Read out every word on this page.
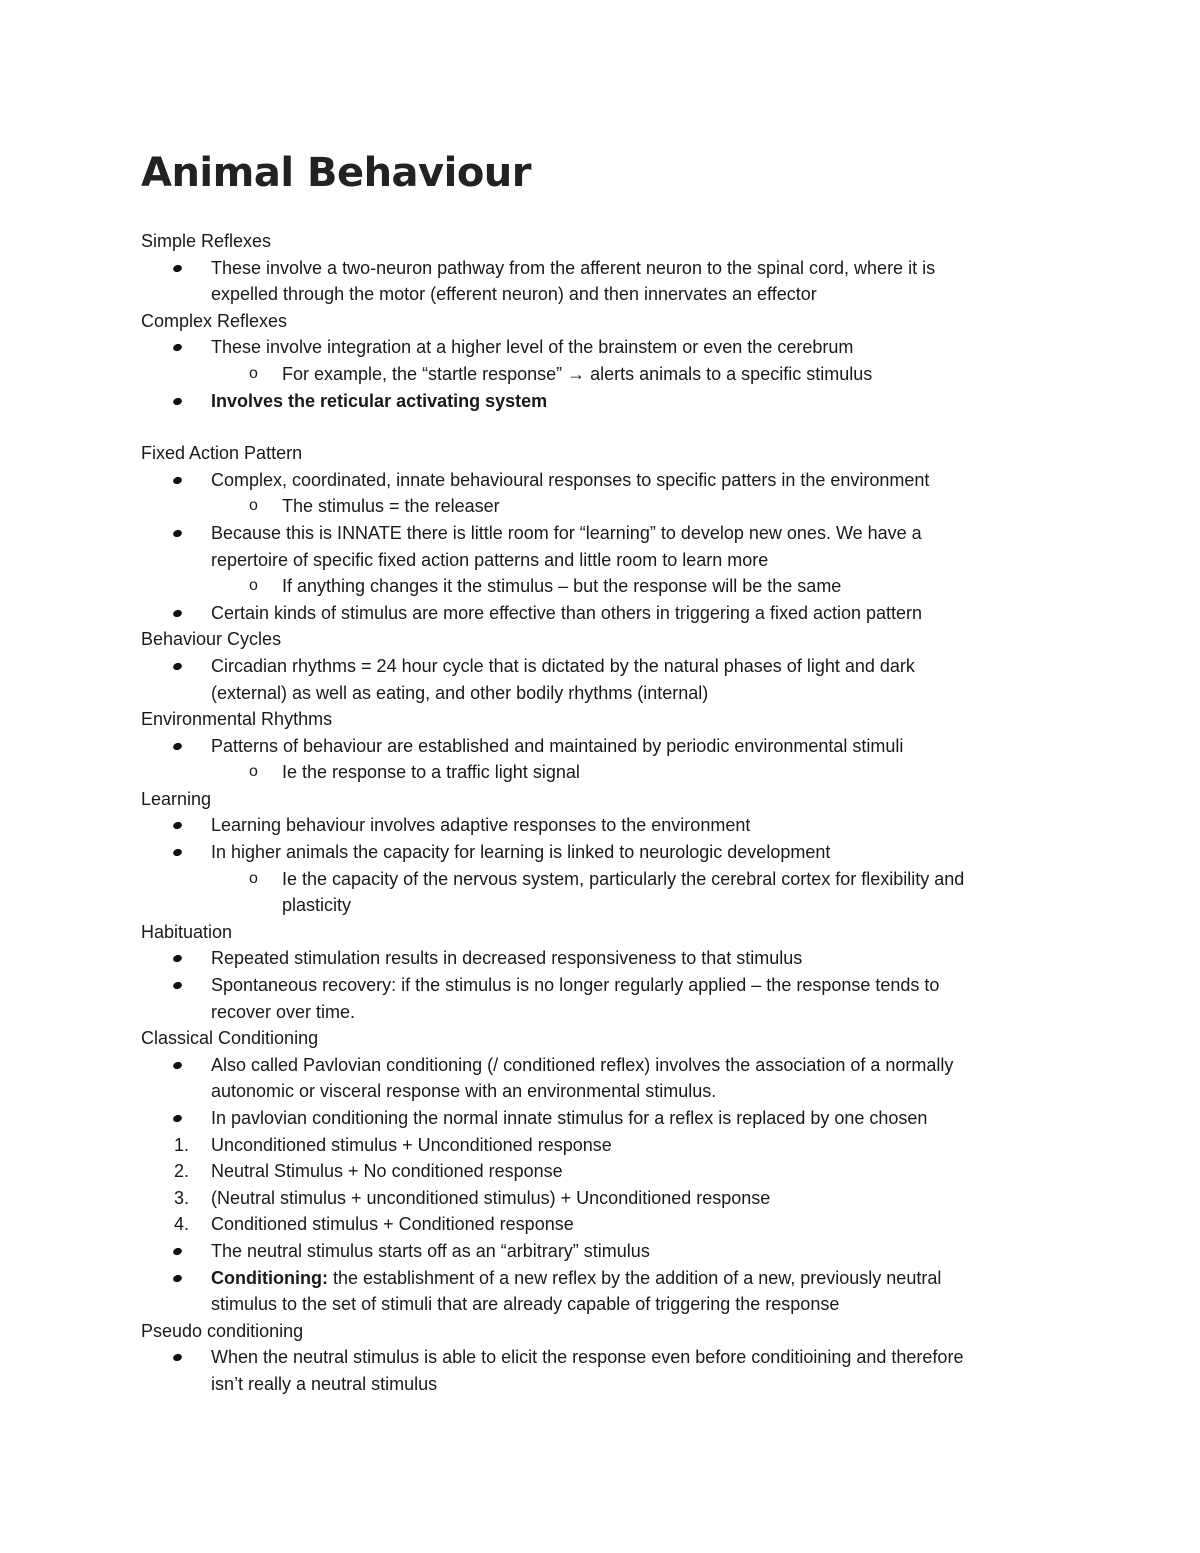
Animal Behaviour
Simple Reflexes
These involve a two-neuron pathway from the afferent neuron to the spinal cord, where it is
expelled through the motor (efferent neuron) and then innervates an effector
Complex Reflexes
These involve integration at a higher level of the brainstem or even the cerebrum
o For example, the “startle response” → alerts animals to a specific stimulus
Involves the reticular activating system
Fixed Action Pattern
Complex, coordinated, innate behavioural responses to specific patters in the environment
o The stimulus = the releaser
Because this is INNATE there is little room for “learning” to develop new ones. We have a
repertoire of specific fixed action patterns and little room to learn more
o If anything changes it the stimulus – but the response will be the same
Certain kinds of stimulus are more effective than others in triggering a fixed action pattern
Behaviour Cycles
Circadian rhythms = 24 hour cycle that is dictated by the natural phases of light and dark
(external) as well as eating, and other bodily rhythms (internal)
Environmental Rhythms
Patterns of behaviour are established and maintained by periodic environmental stimuli
o Ie the response to a traffic light signal
Learning
Learning behaviour involves adaptive responses to the environment
In higher animals the capacity for learning is linked to neurologic development
o Ie the capacity of the nervous system, particularly the cerebral cortex for flexibility and
plasticity
Habituation
Repeated stimulation results in decreased responsiveness to that stimulus
Spontaneous recovery: if the stimulus is no longer regularly applied – the response tends to
recover over time.
Classical Conditioning
Also called Pavlovian conditioning (/ conditioned reflex) involves the association of a normally
autonomic or visceral response with an environmental stimulus.
In pavlovian conditioning the normal innate stimulus for a reflex is replaced by one chosen
1. Unconditioned stimulus + Unconditioned response
2. Neutral Stimulus + No conditioned response
3. (Neutral stimulus + unconditioned stimulus) + Unconditioned response
4. Conditioned stimulus + Conditioned response
The neutral stimulus starts off as an “arbitrary” stimulus
Conditioning: the establishment of a new reflex by the addition of a new, previously neutral
stimulus to the set of stimuli that are already capable of triggering the response
Pseudo conditioning
When the neutral stimulus is able to elicit the response even before conditioining and therefore
isn’t really a neutral stimulus
